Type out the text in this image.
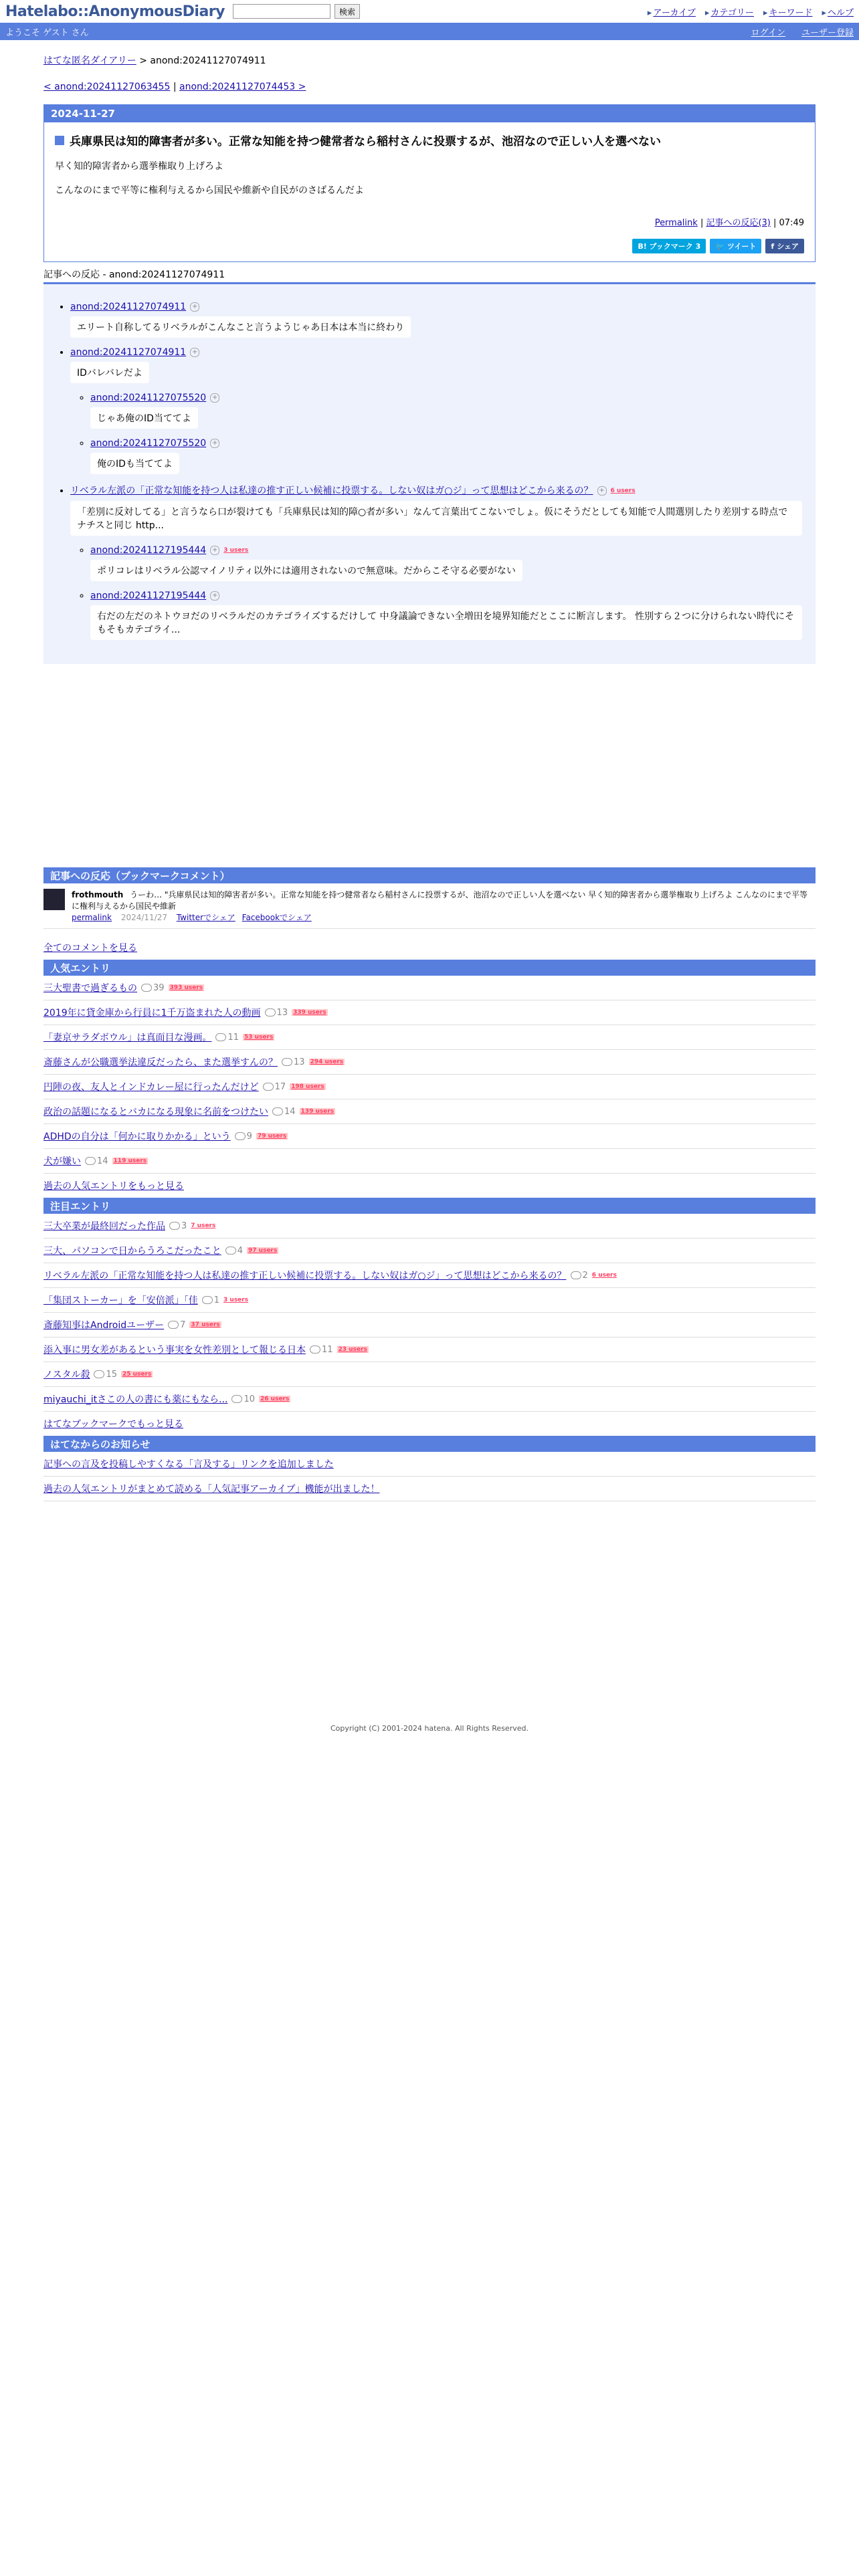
Hatelabo::AnonymousDiary	検索	▸ アーカイブ	▸ カテゴリー	▸ キーワード	▸ ヘルプ
ようこそ ゲスト さん	ログイン ユーザー登録
はてな匿名ダイアリー > anond:20241127074911
< anond:20241127063455 | anond:20241127074453 >
2024-11-27
兵庫県民は知的障害者が多い。正常な知能を持つ健常者なら稲村さんに投票するが、池沼なので正しい人を選べない

早く知的障害者から選挙権取り上げろよ

こんなのにまで平等に権利与えるから国民や維新や自民がのさばるんだよ

Permalink | 記事への反応(3) | 07:49
B! ブックマーク 3	🐦 ツイート	f シェア
記事への反応 - anond:20241127074911
• anond:20241127074911 +
エリート自称してるリベラルがこんなこと言うようじゃあ日本は本当に終わり
• anond:20241127074911 +
IDバレバレだよ
◦ anond:20241127075520 +
じゃあ俺のID当ててよ
◦ anond:20241127075520 +
俺のIDも当ててよ
• リベラル左派の「正常な知能を持つ人は私達の推す正しい候補に投票する。しない奴はガ○ジ」って思想はどこから来るの？ + 6 users

「差別に反対してる」と言うなら口が裂けても「兵庫県民は知的障○者が多い」なんて言葉出てこないでしょ。仮にそうだとしても知能で人間選別したり差別する時点でナチスと同じ http...
◦ anond:20241127195444 + 3 users
ポリコレはリベラル公認マイノリティ以外には適用されないので無意味。だからこそ守る必要がない
◦ anond:20241127195444 +

右だの左だのネトウヨだのリベラルだのカテゴライズするだけして 中身議論できない全増田を境界知能だとここに断言します。 性別すら２つに分けられない時代にそもそもカテゴライ...
記事への反応（ブックマークコメント）
frothmouth うーわ… "兵庫県民は知的障害者が多い。正常な知能を持つ健常者なら稲村さんに投票するが、池沼なので正しい人を選べない 早く知的障害者から選挙権取り上げろよ こんなのにまで平等に権利与えるから国民や維新
permalink 2024/11/27 Twitterでシェア Facebookでシェア
全てのコメントを見る
人気エントリ
三大聖書で過ぎるもの 39 393 users
2019年に貸金庫から行員に1千万盗まれた人の動画 13 339 users
「妻京サラダボウル」は真面目な漫画。 11 53 users
斎藤さんが公職選挙法違反だったら、また選挙すんの？ 13 294 users
円陣の夜、友人とインドカレー屋に行ったんだけど 17 198 users
政治の話題になるとバカになる現象に名前をつけたい 14 139 users
ADHDの自分は「何かに取りかかる」という 9 79 users
犬が嫌い 14 119 users
過去の人気エントリをもっと見る
注目エントリ
三大卒業が最終回だった作品 3 7 users
三大、パソコンで日からうろこだったこと 4 97 users
リベラル左派の「正常な知能を持つ人は私達の推す正しい候補に投票する。しない奴はガ○ジ」って思想はどこから来るの？ 2 6 users
「集団ストーカー」を「安倍派」「佳 1 3 users
斎藤知事はAndroidユーザー 7 37 users
添入事に男女差があるという事実を女性差別として報じる日本 11 23 users
ノスタル殺 15 25 users
miyauchi_itさこの人の書にも薬にもなら... 10 26 users
はてなブックマークでもっと見る
はてなからのお知らせ
記事への言及を投稿しやすくなる「言及する」リンクを追加しました
過去の人気エントリがまとめて読める「人気記事アーカイブ」機能が出ました！
Copyright (C) 2001-2024 hatena. All Rights Reserved.
